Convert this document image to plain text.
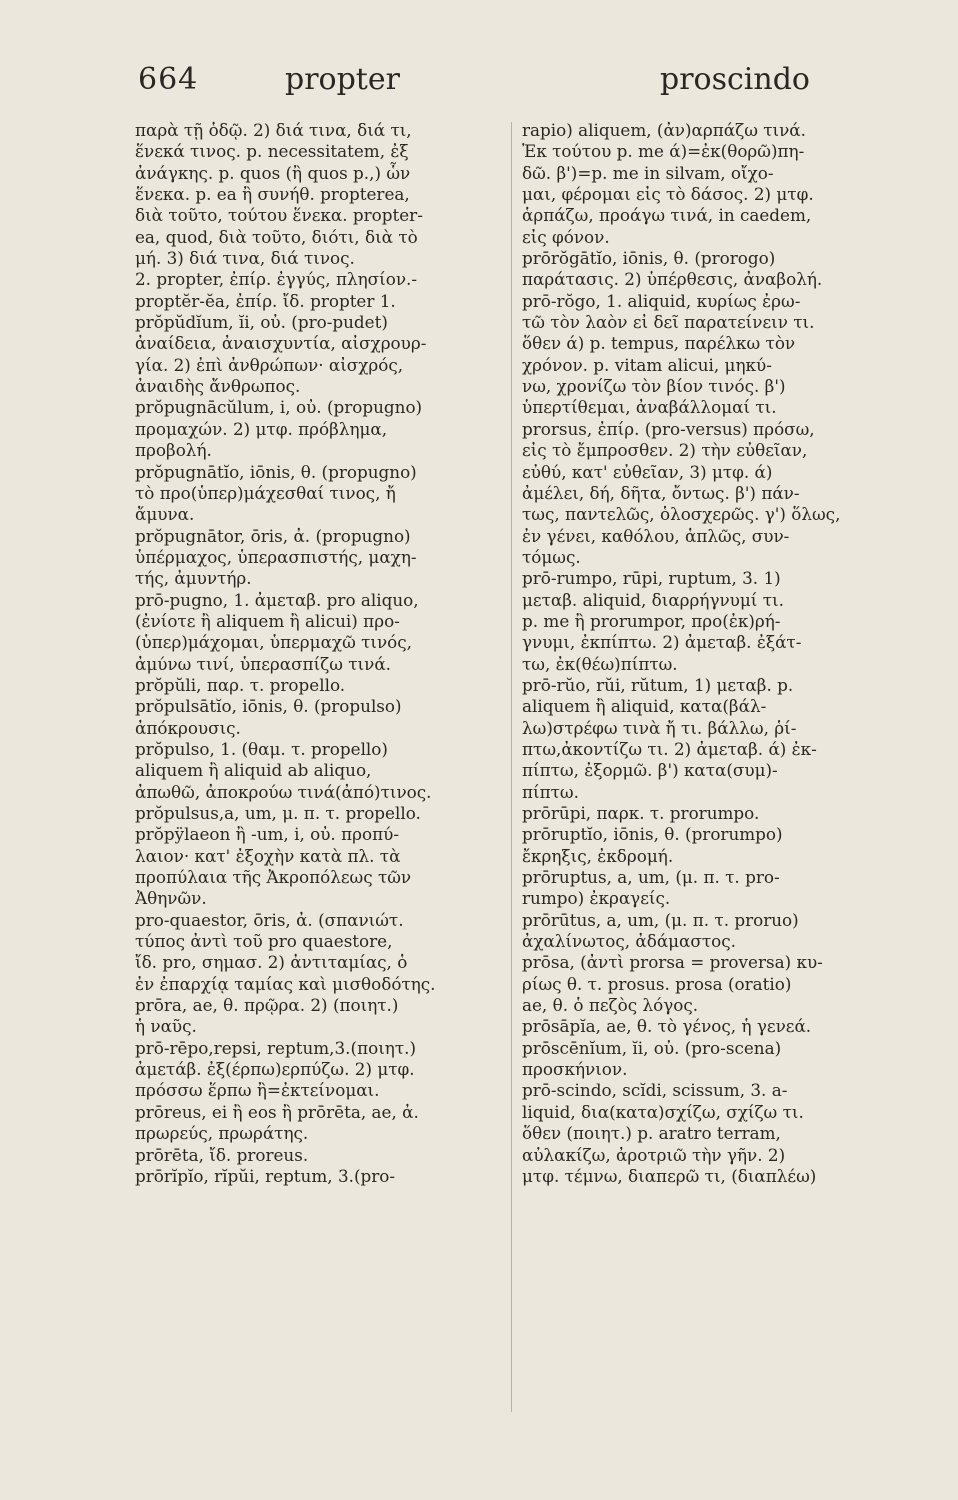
664	propter	proscindo
παρὰ τῇ ὁδῷ. 2) διά τινα, διά τι,
ἕνεκά τινος. p. necessitatem, ἐξ
ἀνάγκης. p. quos (ἢ quos p.,) ὧν
ἕνεκα. p. ea ἢ συνήθ. propterea,
διὰ τοῦτο, τούτου ἕνεκα. propter-
ea, quod, διὰ τοῦτο, διότι, διὰ τὸ
μή. 3) διά τινα, διά τινος.
2. propter, ἐπίρ. ἐγγύς, πλησίον.-
proptĕr-ĕa, ἐπίρ. ἴδ. propter 1.
prŏpŭdĭum, ĭi, οὐ. (pro-pudet)
ἀναίδεια, ἀναισχυντία, αἰσχρουρ-
γία. 2) ἐπὶ ἀνθρώπων· αἰσχρός,
ἀναιδὴς ἄνθρωπος.
prŏpugnācŭlum, i, οὐ. (propugno)
προμαχών. 2) μτφ. πρόβλημα,
προβολή.
prŏpugnātĭo, iōnis, θ. (propugno)
τὸ προ(ὑπερ)μάχεσθαί τινος, ἤ
ἄμυνα.
prŏpugnātor, ōris, ἀ. (propugno)
ὑπέρμαχος, ὑπερασπιστής, μαχη-
τής, ἀμυντήρ.
prō-pugno, 1. ἀμεταβ. pro aliquo,
(ἐνίοτε ἢ aliquem ἢ alicui) προ-
(ὑπερ)μάχομαι, ὑπερμαχῶ τινός,
ἀμύνω τινί, ὑπερασπίζω τινά.
prŏpŭli, παρ. τ. propello.
prŏpulsātĭo, iōnis, θ. (propulso)
ἀπόκρουσις.
prŏpulso, 1. (θαμ. τ. propello)
aliquem ἢ aliquid ab aliquo,
ἀπωθῶ, ἀποκρούω τινά(ἀπό)τινος.
prŏpulsus,a, um, μ. π. τ. propello.
prŏpÿlaeon ἢ -um, i, οὐ. προπύ-
λαιον· κατ' ἐξοχὴν κατὰ πλ. τὰ
προπύλαια τῆς Ἀκροπόλεως τῶν
Ἀθηνῶν.
pro-quaestor, ōris, ἀ. (σπανιώτ.
τύπος ἀντὶ τοῦ pro quaestore,
ἴδ. pro, σημασ. 2) ἀντιταμίας, ὁ
ἐν ἐπαρχίᾳ ταμίας καὶ μισθοδότης.
prōra, ae, θ. πρῷρα. 2) (ποιητ.)
ἡ ναῦς.
prō-rēpo,repsi, reptum,3.(ποιητ.)
ἀμετάβ. ἐξ(έρπω)ερπύζω. 2) μτφ.
πρόσσω ἕρπω ἢ=ἐκτείνομαι.
prōreus, ei ἢ eos ἢ prōrēta, ae, ἀ.
πρωρεύς, πρωράτης.
prōrēta, ἴδ. proreus.
prōrĭpĭo, rĭpŭi, reptum, 3.(pro-
rapio) aliquem, (ἀν)αρπάζω τινά.
Ἐκ τούτου p. me ά)=ἐκ(θορῶ)πη-
δῶ. β')=p. me in silvam, οἴχο-
μαι, φέρομαι εἰς τὸ δάσος. 2) μτφ.
ἁρπάζω, προάγω τινά, in caedem,
εἰς φόνον.
prōrŏgātĭo, iōnis, θ. (prorogo)
παράτασις. 2) ὑπέρθεσις, ἀναβολή.
prō-rŏgo, 1. aliquid, κυρίως ἐρω-
τῶ τὸν λαὸν εἰ δεῖ παρατείνειν τι.
ὅθεν ά) p. tempus, παρέλκω τὸν
χρόνον. p. vitam alicui, μηκύ-
νω, χρονίζω τὸν βίον τινός. β')
ὑπερτίθεμαι, ἀναβάλλομαί τι.
prorsus, ἐπίρ. (pro-versus) πρόσω,
εἰς τὸ ἔμπροσθεν. 2) τὴν εὐθεῖαν,
εὐθύ, κατ' εὐθεῖαν, 3) μτφ. ά)
ἀμέλει, δή, δῆτα, ὄντως. β') πάν-
τως, παντελῶς, ὁλοσχερῶς. γ') ὅλως,
ἐν γένει, καθόλου, ἁπλῶς, συν-
τόμως.
prō-rumpo, rūpi, ruptum, 3. 1)
μεταβ. aliquid, διαρρήγνυμί τι.
p. me ἢ prorumpor, προ(ἐκ)ρή-
γνυμι, ἐκπίπτω. 2) ἀμεταβ. ἐξάτ-
τω, ἐκ(θέω)πίπτω.
prō-rŭo, rŭi, rŭtum, 1) μεταβ. p.
aliquem ἢ aliquid, κατα(βάλ-
λω)στρέφω τινὰ ἤ τι. βάλλω, ῥί-
πτω,ἀκοντίζω τι. 2) ἀμεταβ. ά) ἐκ-
πίπτω, ἐξορμῶ. β') κατα(συμ)-
πίπτω.
prōrūpi, παρκ. τ. prorumpo.
prōruptĭo, iōnis, θ. (prorumpo)
ἔκρηξις, ἐκδρομή.
prōruptus, a, um, (μ. π. τ. pro-
rumpo) ἐκραγείς.
prōrūtus, a, um, (μ. π. τ. proruo)
ἀχαλίνωτος, ἀδάμαστος.
prōsa, (ἀντὶ prorsa = proversa) κυ-
ρίως θ. τ. prosus. prosa (oratio)
ae, θ. ὁ πεζὸς λόγος.
prōsāpĭa, ae, θ. τὸ γένος, ἡ γενεά.
prōscēnĭum, ĭi, οὐ. (pro-scena)
προσκήνιον.
prō-scindo, scĭdi, scissum, 3. a-
liquid, δια(κατα)σχίζω, σχίζω τι.
ὅθεν (ποιητ.) p. aratro terram,
αὐλακίζω, ἀροτριῶ τὴν γῆν. 2)
μτφ. τέμνω, διαπερῶ τι, (διαπλέω)
